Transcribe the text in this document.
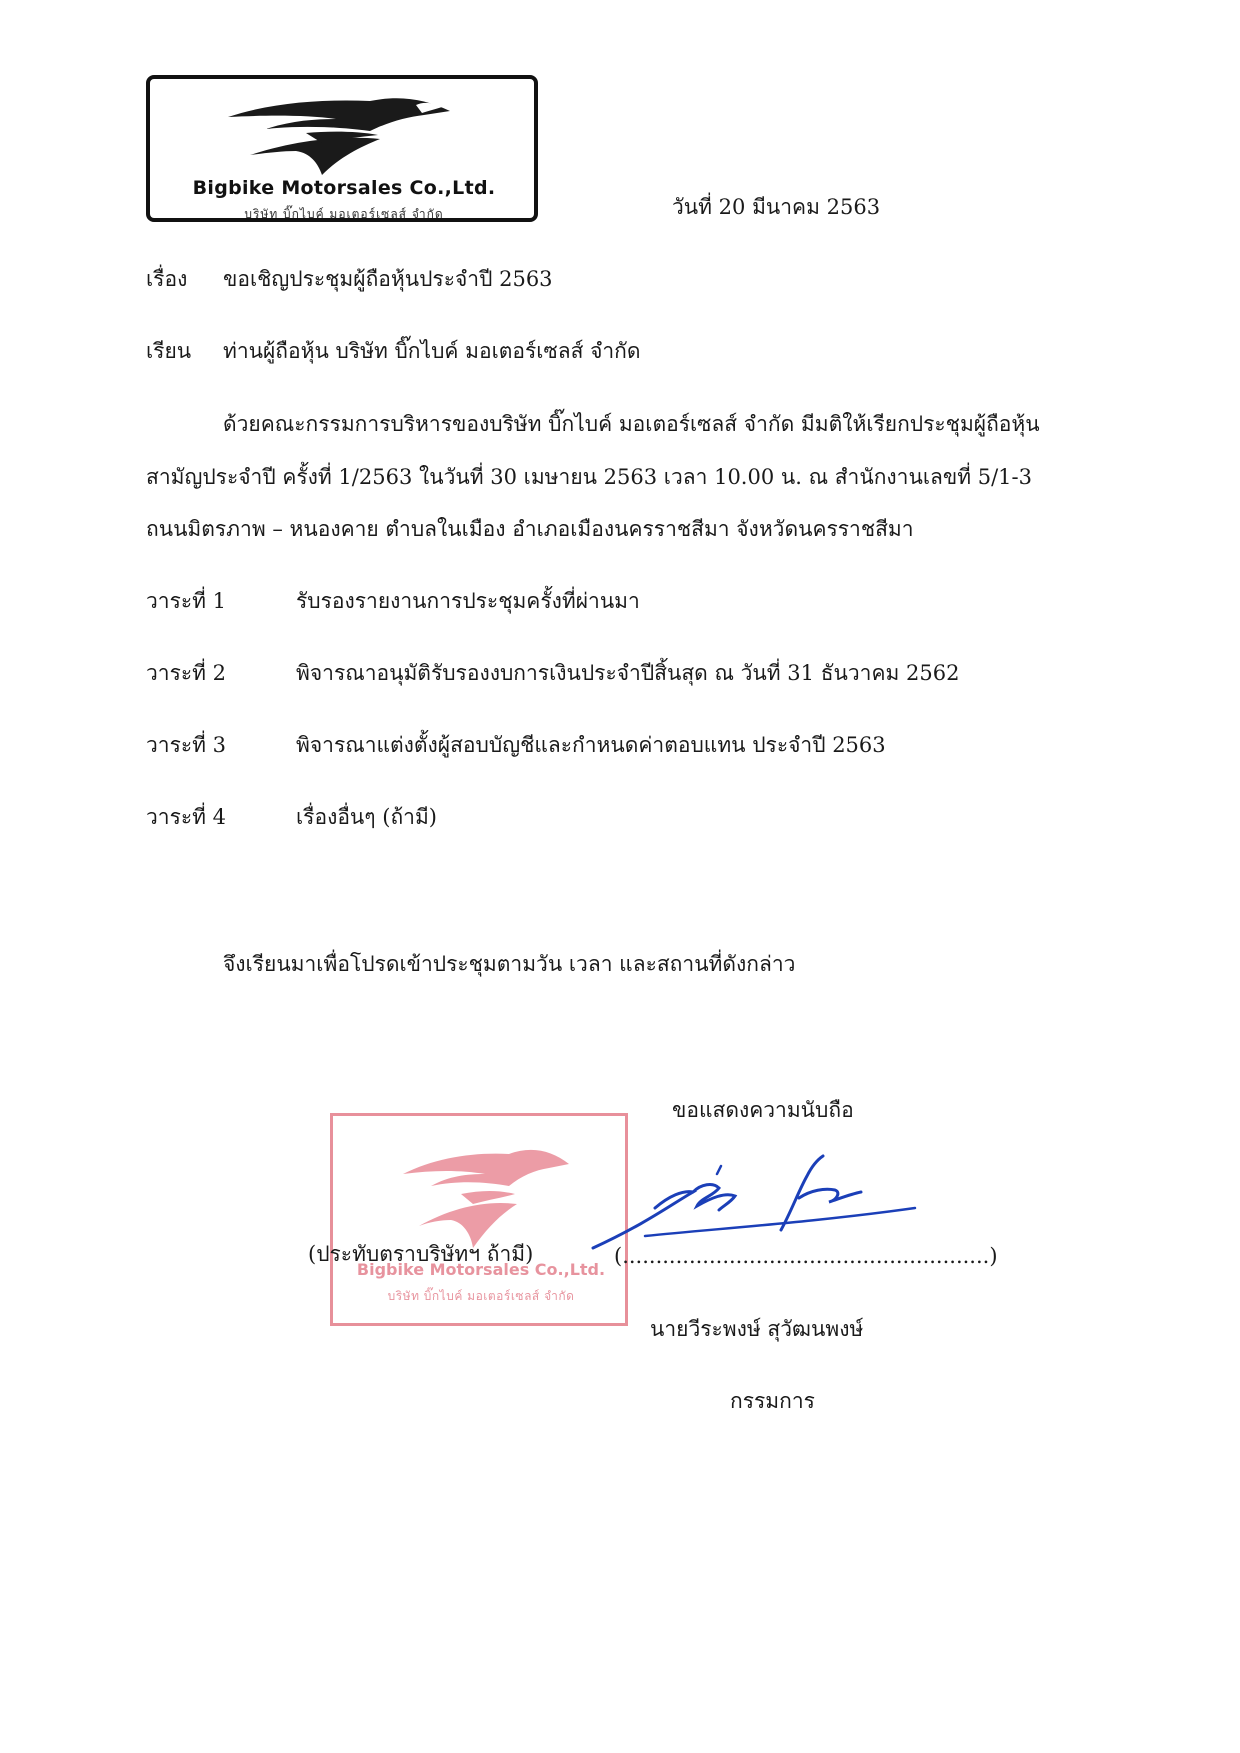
Bigbike Motorsales Co.,Ltd.
บริษัท บิ๊กไบค์ มอเตอร์เซลส์ จำกัด	วันที่ 20 มีนาคม 2563
เรื่อง ขอเชิญประชุมผู้ถือหุ้นประจำปี 2563
เรียน ท่านผู้ถือหุ้น บริษัท บิ๊กไบค์ มอเตอร์เซลส์ จำกัด
ด้วยคณะกรรมการบริหารของบริษัท บิ๊กไบค์ มอเตอร์เซลส์ จำกัด มีมติให้เรียกประชุมผู้ถือหุ้น
สามัญประจำปี ครั้งที่ 1/2563 ในวันที่ 30 เมษายน 2563 เวลา 10.00 น. ณ สำนักงานเลขที่ 5/1-3
ถนนมิตรภาพ – หนองคาย ตำบลในเมือง อำเภอเมืองนครราชสีมา จังหวัดนครราชสีมา
วาระที่ 1	รับรองรายงานการประชุมครั้งที่ผ่านมา
วาระที่ 2	พิจารณาอนุมัติรับรองงบการเงินประจำปีสิ้นสุด ณ วันที่ 31 ธันวาคม 2562
วาระที่ 3	พิจารณาแต่งตั้งผู้สอบบัญชีและกำหนดค่าตอบแทน ประจำปี 2563
วาระที่ 4	เรื่องอื่นๆ (ถ้ามี)
จึงเรียนมาเพื่อโปรดเข้าประชุมตามวัน เวลา และสถานที่ดังกล่าว
ขอแสดงความนับถือ
Bigbike Motorsales Co.,Ltd.
บริษัท บิ๊กไบค์ มอเตอร์เซลส์ จำกัด
(ประทับตราบริษัทฯ ถ้ามี)	(.......................................................)
นายวีระพงษ์ สุวัฒนพงษ์
กรรมการ
